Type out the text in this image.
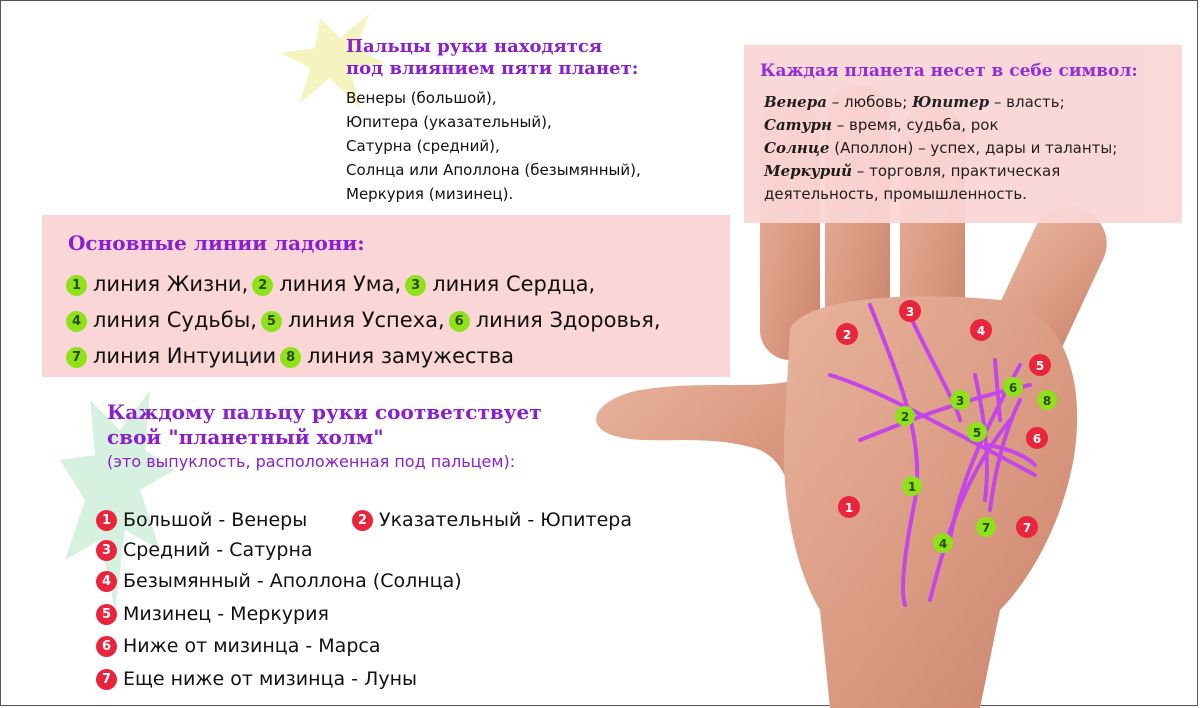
Пальцы руки находятся
под влиянием пяти планет:
Венеры (большой),
Юпитера (указательный),
Сатурна (средний),
Солнца или Аполлона (безымянный),
Меркурия (мизинец).
1
2
3
4
5
6
7
1
2
3
4
5
6
7
8
Каждая планета несет в себе символ:
Венера – любовь; Юпитер – власть;
Сатурн – время, судьба, рок
Солнце (Аполлон) – успех, дары и таланты;
Меркурий – торговля, практическая
деятельность, промышленность.
Основные линии ладони:
1 линия Жизни, 2 линия Ума, 3 линия Сердца,
4 линия Судьбы, 5 линия Успеха, 6 линия Здоровья,
7 линия Интуиции 8 линия замужества
Каждому пальцу руки соответствует
свой "планетный холм"
(это выпуклость, расположенная под пальцем):
1 Большой - Венеры	2 Указательный - Юпитера
3 Средний - Сатурна
4 Безымянный - Аполлона (Солнца)
5 Мизинец - Меркурия
6 Ниже от мизинца - Марса
7 Еще ниже от мизинца - Луны
